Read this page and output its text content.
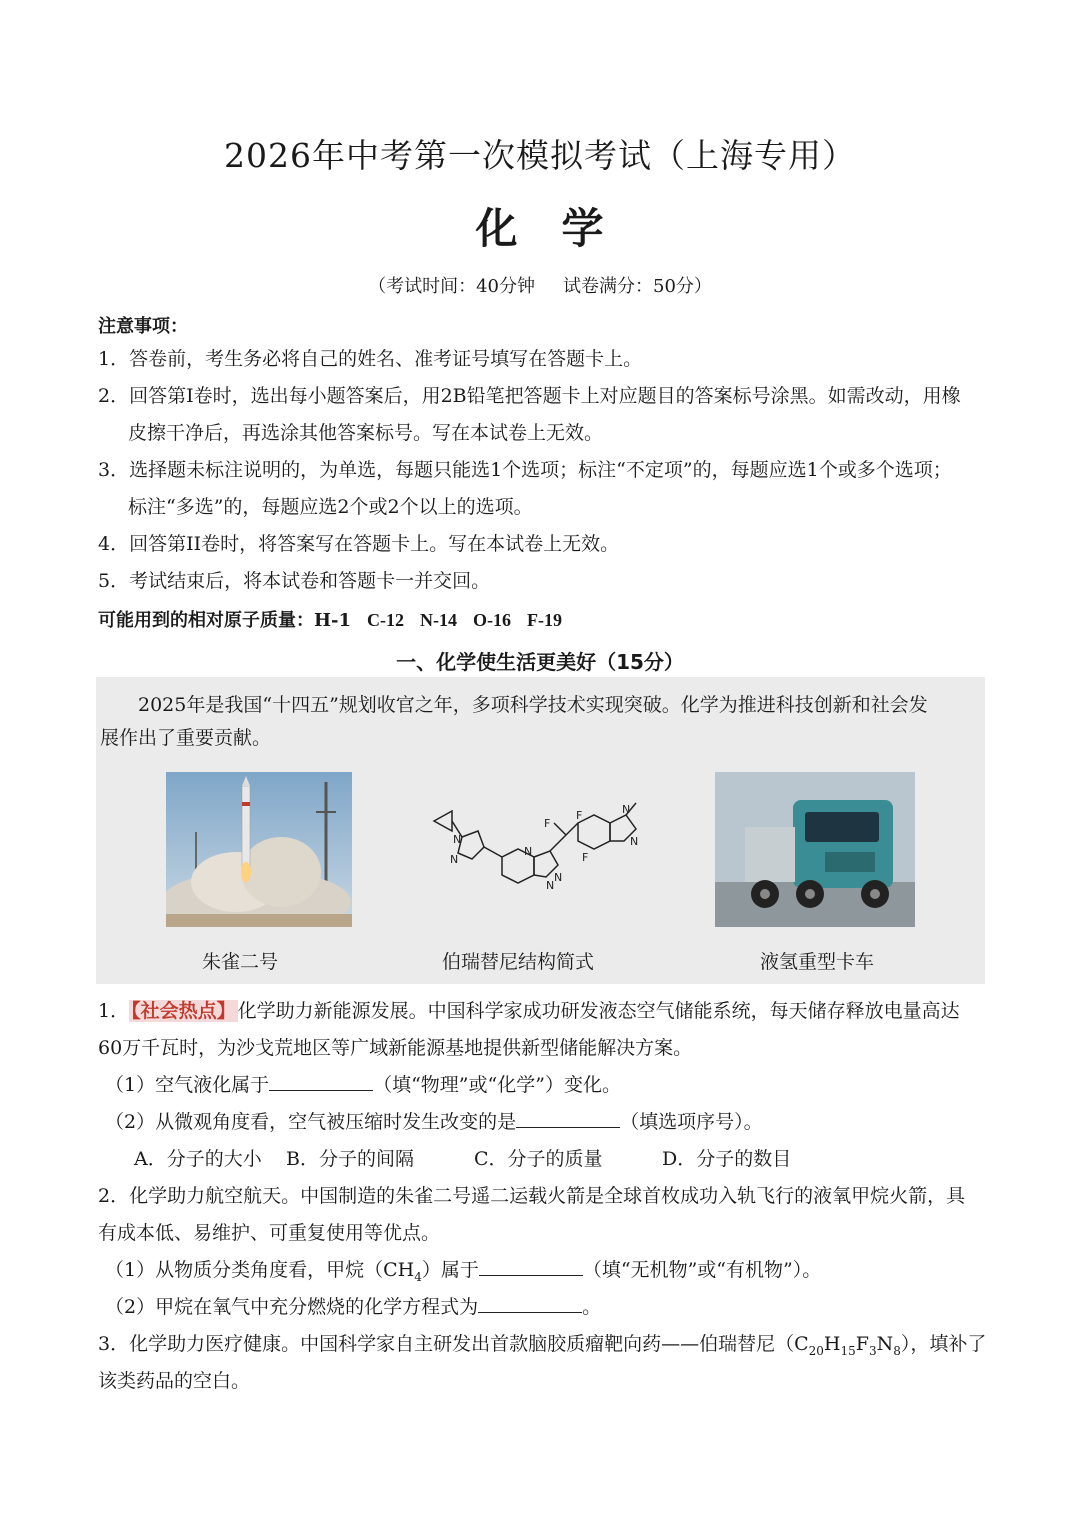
2026年中考第一次模拟考试（上海专用）
化　学
（考试时间：40分钟 试卷满分：50分）
注意事项：
1．答卷前，考生务必将自己的姓名、准考证号填写在答题卡上。
2．回答第I卷时，选出每小题答案后，用2B铅笔把答题卡上对应题目的答案标号涂黑。如需改动，用橡
皮擦干净后，再选涂其他答案标号。写在本试卷上无效。
3．选择题未标注说明的，为单选，每题只能选1个选项；标注“不定项”的，每题应选1个或多个选项；
标注“多选”的，每题应选2个或2个以上的选项。
4．回答第II卷时，将答案写在答题卡上。写在本试卷上无效。
5．考试结束后，将本试卷和答题卡一并交回。
可能用到的相对原子质量：H-1 C-12 N-14 O-16 F-19
一、化学使生活更美好（15分）
2025年是我国“十四五”规划收官之年，多项科学技术实现突破。化学为推进科技创新和社会发
展作出了重要贡献。
N
N
N
N
N
F
F
F
N
N
朱雀二号	伯瑞替尼结构简式	液氢重型卡车
1． 【社会热点】 化学助力新能源发展。中国科学家成功研发液态空气储能系统，每天储存释放电量高达
60万千瓦时，为沙戈荒地区等广域新能源基地提供新型储能解决方案。
（1）空气液化属于	（填“物理”或“化学”）变化。
（2）从微观角度看，空气被压缩时发生改变的是	（填选项序号）。
A．分子的大小 B．分子的间隔	C．分子的质量	D．分子的数目
2．化学助力航空航天。中国制造的朱雀二号遥二运载火箭是全球首枚成功入轨飞行的液氧甲烷火箭，具
有成本低、易维护、可重复使用等优点。
（1）从物质分类角度看，甲烷$(CH_4)$属于	（填“无机物”或“有机物”）。
（2）甲烷在氧气中充分燃烧的化学方程式为	。
3．化学助力医疗健康。中国科学家自主研发出首款脑胶质瘤靶向药——伯瑞替尼$(C_{20}H_{15}F_3N_8)$，填补了
该类药品的空白。
